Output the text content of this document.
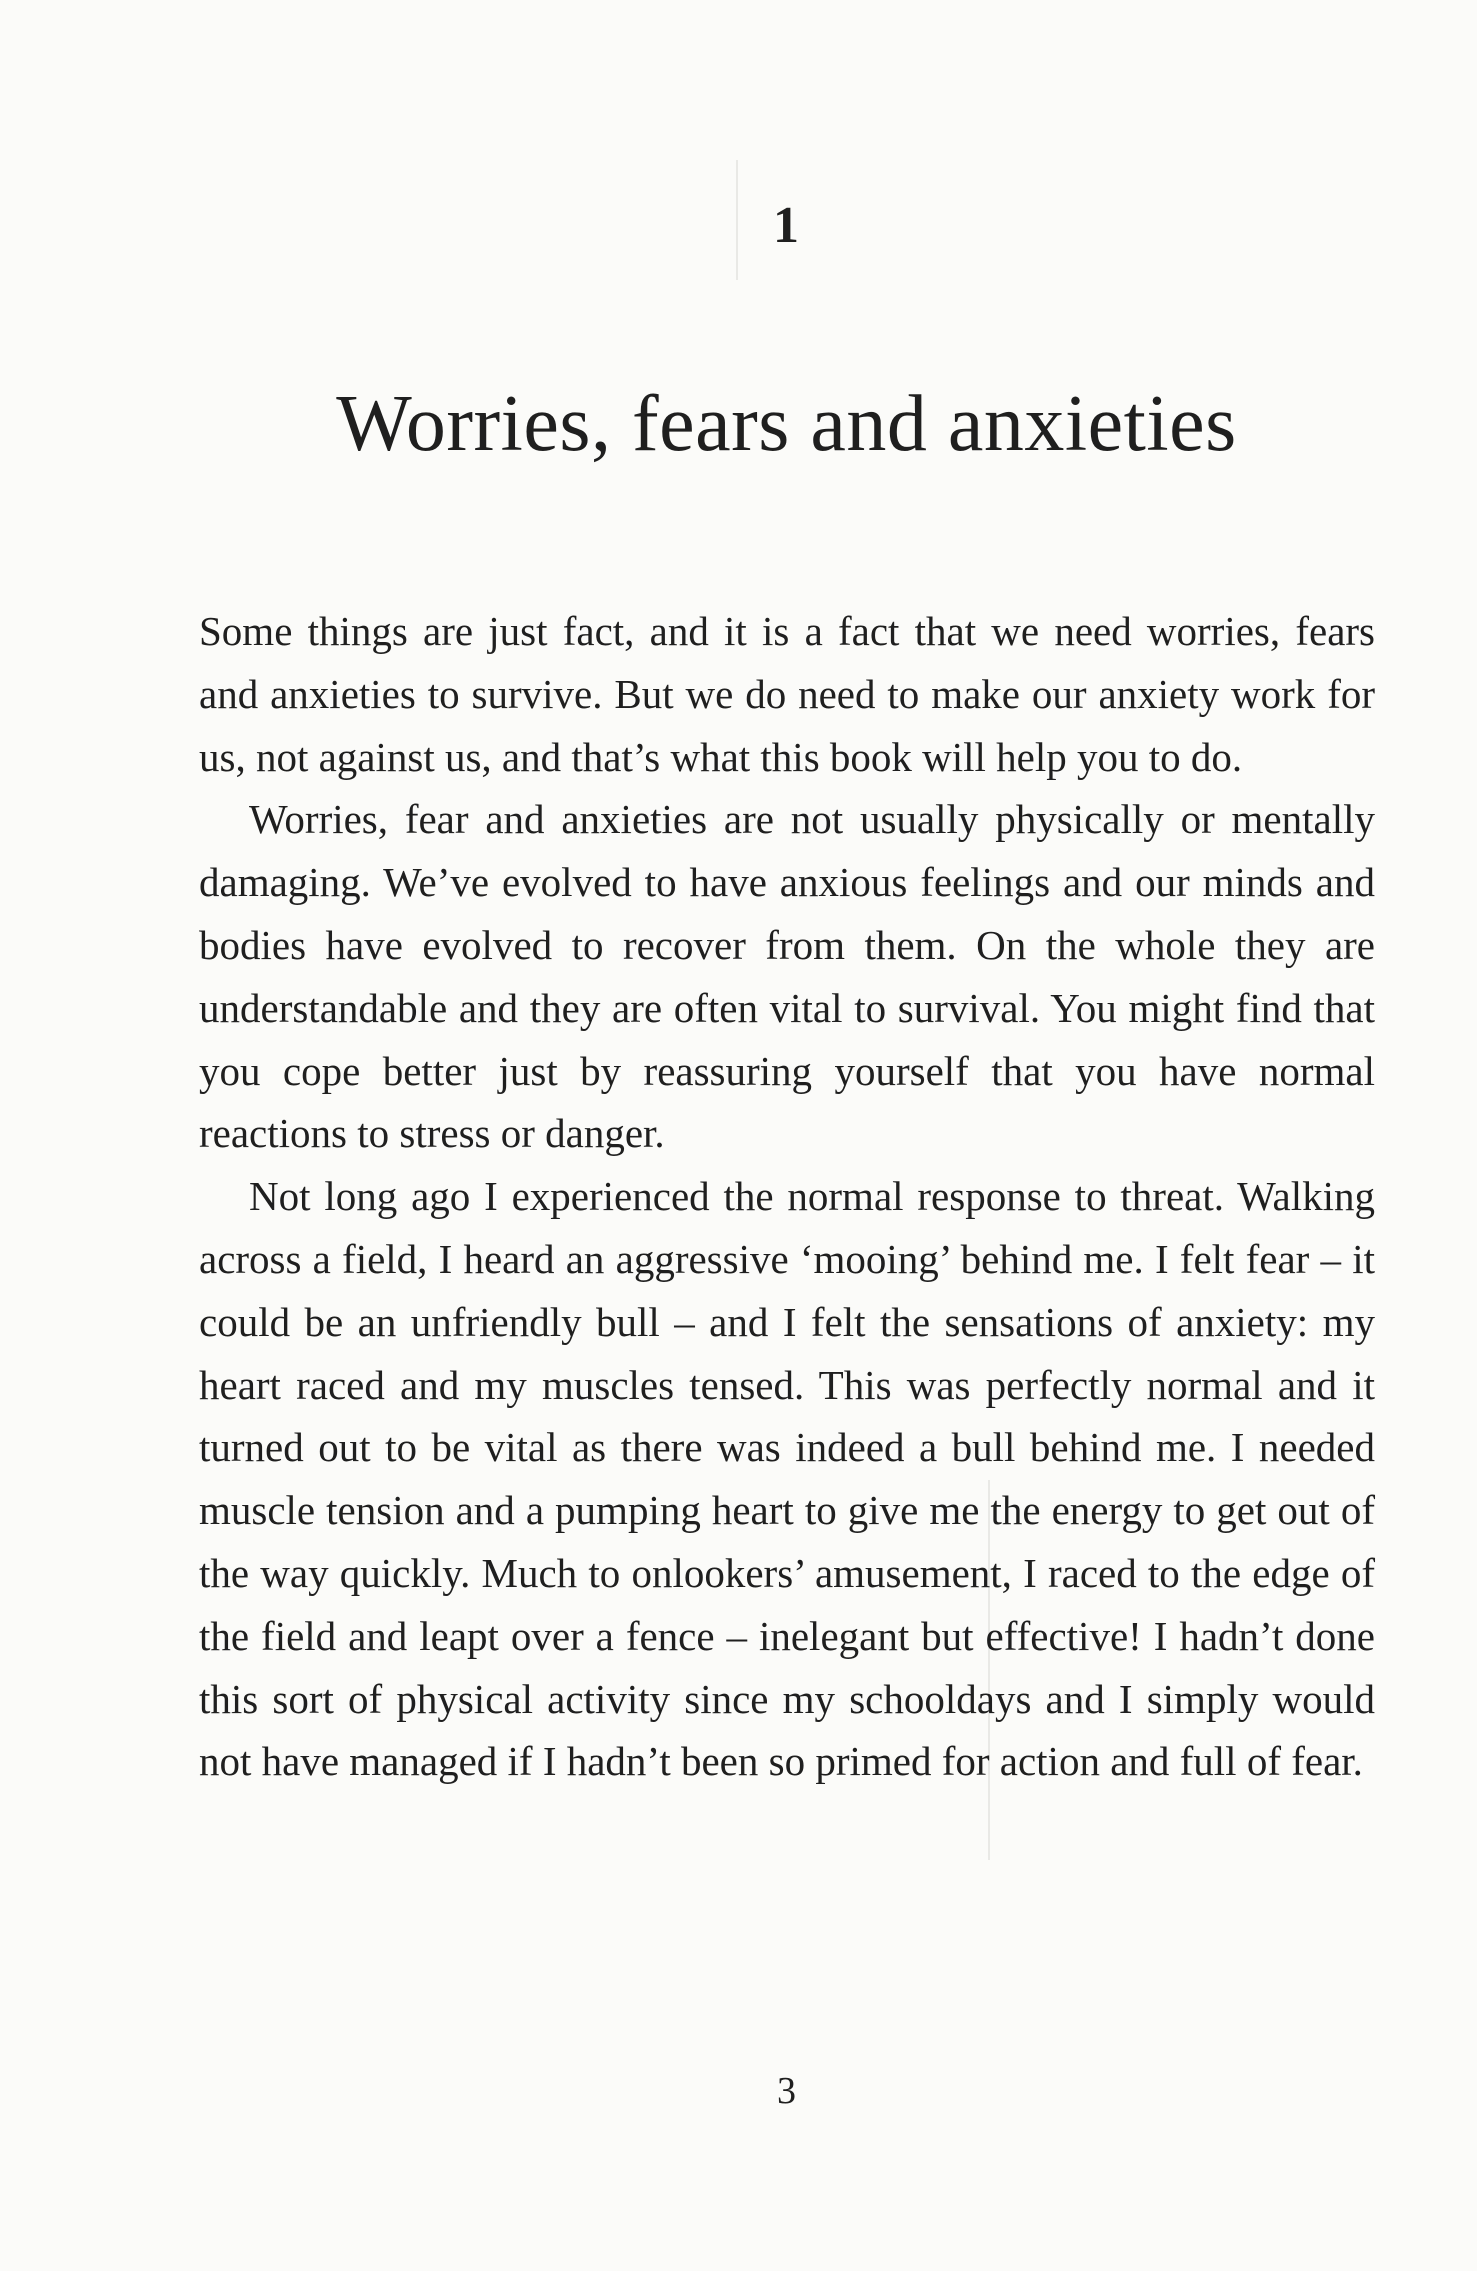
1
Worries, fears and anxieties

Some things are just fact, and it is a fact that we need worries, fears and anxieties to survive. But we do need to make our anxiety work for us, not against us, and that’s what this book will help you to do.

Worries, fear and anxieties are not usually physically or mentally damaging. We’ve evolved to have anxious feelings and our minds and bodies have evolved to recover from them. On the whole they are understandable and they are often vital to survival. You might find that you cope better just by reassuring yourself that you have normal reactions to stress or danger.

Not long ago I experienced the normal response to threat. Walking across a field, I heard an aggressive ‘mooing’ behind me. I felt fear – it could be an unfriendly bull – and I felt the sensations of anxiety: my heart raced and my muscles tensed. This was perfectly normal and it turned out to be vital as there was indeed a bull behind me. I needed muscle tension and a pumping heart to give me the energy to get out of the way quickly. Much to onlookers’ amusement, I raced to the edge of the field and leapt over a fence – inelegant but effective! I hadn’t done this sort of physical activity since my schooldays and I simply would not have managed if I hadn’t been so primed for action and full of fear.

3
